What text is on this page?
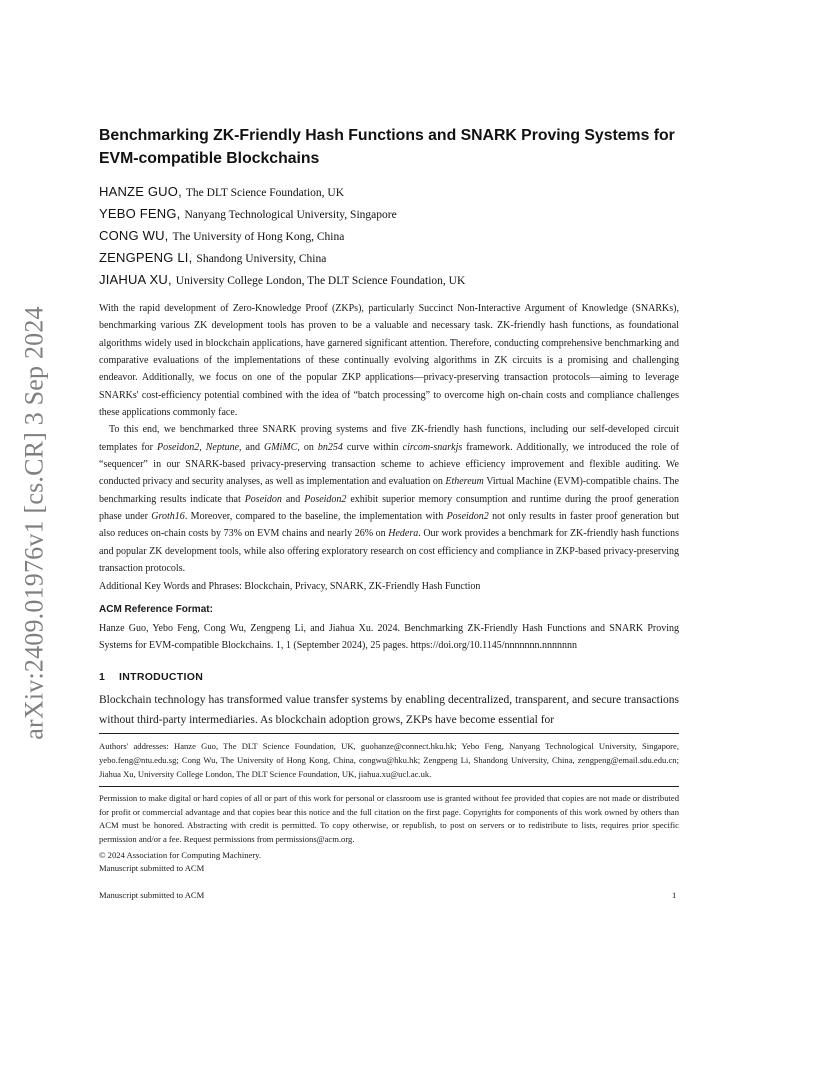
arXiv:2409.01976v1 [cs.CR] 3 Sep 2024
Benchmarking ZK-Friendly Hash Functions and SNARK Proving Systems for EVM-compatible Blockchains
HANZE GUO, The DLT Science Foundation, UK
YEBO FENG, Nanyang Technological University, Singapore
CONG WU, The University of Hong Kong, China
ZENGPENG LI, Shandong University, China
JIAHUA XU, University College London, The DLT Science Foundation, UK

With the rapid development of Zero-Knowledge Proof (ZKPs), particularly Succinct Non-Interactive Argument of Knowledge (SNARKs), benchmarking various ZK development tools has proven to be a valuable and necessary task. ZK-friendly hash functions, as foundational algorithms widely used in blockchain applications, have garnered significant attention. Therefore, conducting comprehensive benchmarking and comparative evaluations of the implementations of these continually evolving algorithms in ZK circuits is a promising and challenging endeavor. Additionally, we focus on one of the popular ZKP applications—privacy-preserving transaction protocols—aiming to leverage SNARKs' cost-efficiency potential combined with the idea of “batch processing” to overcome high on-chain costs and compliance challenges these applications commonly face.

To this end, we benchmarked three SNARK proving systems and five ZK-friendly hash functions, including our self-developed circuit templates for Poseidon2, Neptune, and GMiMC, on bn254 curve within circom-snarkjs framework. Additionally, we introduced the role of “sequencer” in our SNARK-based privacy-preserving transaction scheme to achieve efficiency improvement and flexible auditing. We conducted privacy and security analyses, as well as implementation and evaluation on Ethereum Virtual Machine (EVM)-compatible chains. The benchmarking results indicate that Poseidon and Poseidon2 exhibit superior memory consumption and runtime during the proof generation phase under Groth16. Moreover, compared to the baseline, the implementation with Poseidon2 not only results in faster proof generation but also reduces on-chain costs by 73% on EVM chains and nearly 26% on Hedera. Our work provides a benchmark for ZK-friendly hash functions and popular ZK development tools, while also offering exploratory research on cost efficiency and compliance in ZKP-based privacy-preserving transaction protocols.

Additional Key Words and Phrases: Blockchain, Privacy, SNARK, ZK-Friendly Hash Function
ACM Reference Format:

Hanze Guo, Yebo Feng, Cong Wu, Zengpeng Li, and Jiahua Xu. 2024. Benchmarking ZK-Friendly Hash Functions and SNARK Proving Systems for EVM-compatible Blockchains. 1, 1 (September 2024), 25 pages. https://doi.org/10.1145/nnnnnnn.nnnnnnn

1 INTRODUCTION

Blockchain technology has transformed value transfer systems by enabling decentralized, transparent, and secure transactions without third-party intermediaries. As blockchain adoption grows, ZKPs have become essential for

Authors' addresses: Hanze Guo, The DLT Science Foundation, UK, guohanze@connect.hku.hk; Yebo Feng, Nanyang Technological University, Singapore, yebo.feng@ntu.edu.sg; Cong Wu, The University of Hong Kong, China, congwu@hku.hk; Zengpeng Li, Shandong University, China, zengpeng@email.sdu.edu.cn; Jiahua Xu, University College London, The DLT Science Foundation, UK, jiahua.xu@ucl.ac.uk.

Permission to make digital or hard copies of all or part of this work for personal or classroom use is granted without fee provided that copies are not made or distributed for profit or commercial advantage and that copies bear this notice and the full citation on the first page. Copyrights for components of this work owned by others than ACM must be honored. Abstracting with credit is permitted. To copy otherwise, or republish, to post on servers or to redistribute to lists, requires prior specific permission and/or a fee. Request permissions from permissions@acm.org.

© 2024 Association for Computing Machinery.
Manuscript submitted to ACM
Manuscript submitted to ACM	1
